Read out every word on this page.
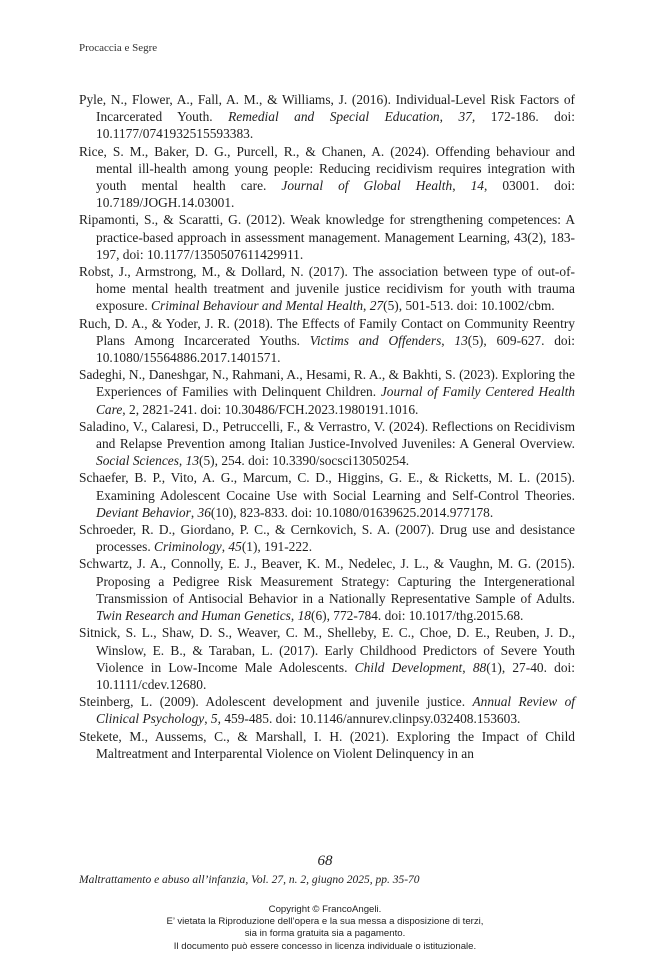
Procaccia e Segre
Pyle, N., Flower, A., Fall, A. M., & Williams, J. (2016). Individual-Level Risk Factors of Incarcerated Youth. Remedial and Special Education, 37, 172-186. doi: 10.1177/0741932515593383.
Rice, S. M., Baker, D. G., Purcell, R., & Chanen, A. (2024). Offending behaviour and mental ill-health among young people: Reducing recidivism requires integration with youth mental health care. Journal of Global Health, 14, 03001. doi: 10.7189/JOGH.14.03001.
Ripamonti, S., & Scaratti, G. (2012). Weak knowledge for strengthening competences: A practice-based approach in assessment management. Management Learning, 43(2), 183-197, doi: 10.1177/1350507611429911.
Robst, J., Armstrong, M., & Dollard, N. (2017). The association between type of out-of-home mental health treatment and juvenile justice recidivism for youth with trauma exposure. Criminal Behaviour and Mental Health, 27(5), 501-513. doi: 10.1002/cbm.
Ruch, D. A., & Yoder, J. R. (2018). The Effects of Family Contact on Community Reentry Plans Among Incarcerated Youths. Victims and Offenders, 13(5), 609-627. doi: 10.1080/15564886.2017.1401571.
Sadeghi, N., Daneshgar, N., Rahmani, A., Hesami, R. A., & Bakhti, S. (2023). Exploring the Experiences of Families with Delinquent Children. Journal of Family Centered Health Care, 2, 2821-241. doi: 10.30486/FCH.2023.1980191.1016.
Saladino, V., Calaresi, D., Petruccelli, F., & Verrastro, V. (2024). Reflections on Recidivism and Relapse Prevention among Italian Justice-Involved Juveniles: A General Overview. Social Sciences, 13(5), 254. doi: 10.3390/socsci13050254.
Schaefer, B. P., Vito, A. G., Marcum, C. D., Higgins, G. E., & Ricketts, M. L. (2015). Examining Adolescent Cocaine Use with Social Learning and Self-Control Theories. Deviant Behavior, 36(10), 823-833. doi: 10.1080/01639625.2014.977178.
Schroeder, R. D., Giordano, P. C., & Cernkovich, S. A. (2007). Drug use and desistance processes. Criminology, 45(1), 191-222.
Schwartz, J. A., Connolly, E. J., Beaver, K. M., Nedelec, J. L., & Vaughn, M. G. (2015). Proposing a Pedigree Risk Measurement Strategy: Capturing the Intergenerational Transmission of Antisocial Behavior in a Nationally Representative Sample of Adults. Twin Research and Human Genetics, 18(6), 772-784. doi: 10.1017/thg.2015.68.
Sitnick, S. L., Shaw, D. S., Weaver, C. M., Shelleby, E. C., Choe, D. E., Reuben, J. D., Winslow, E. B., & Taraban, L. (2017). Early Childhood Predictors of Severe Youth Violence in Low-Income Male Adolescents. Child Development, 88(1), 27-40. doi: 10.1111/cdev.12680.
Steinberg, L. (2009). Adolescent development and juvenile justice. Annual Review of Clinical Psychology, 5, 459-485. doi: 10.1146/annurev.clinpsy.032408.153603.
Stekete, M., Aussems, C., & Marshall, I. H. (2021). Exploring the Impact of Child Maltreatment and Interparental Violence on Violent Delinquency in an
68
Maltrattamento e abuso all’infanzia, Vol. 27, n. 2, giugno 2025, pp. 35-70
Copyright © FrancoAngeli.
E’ vietata la Riproduzione dell’opera e la sua messa a disposizione di terzi,
sia in forma gratuita sia a pagamento.
Il documento può essere concesso in licenza individuale o istituzionale.
